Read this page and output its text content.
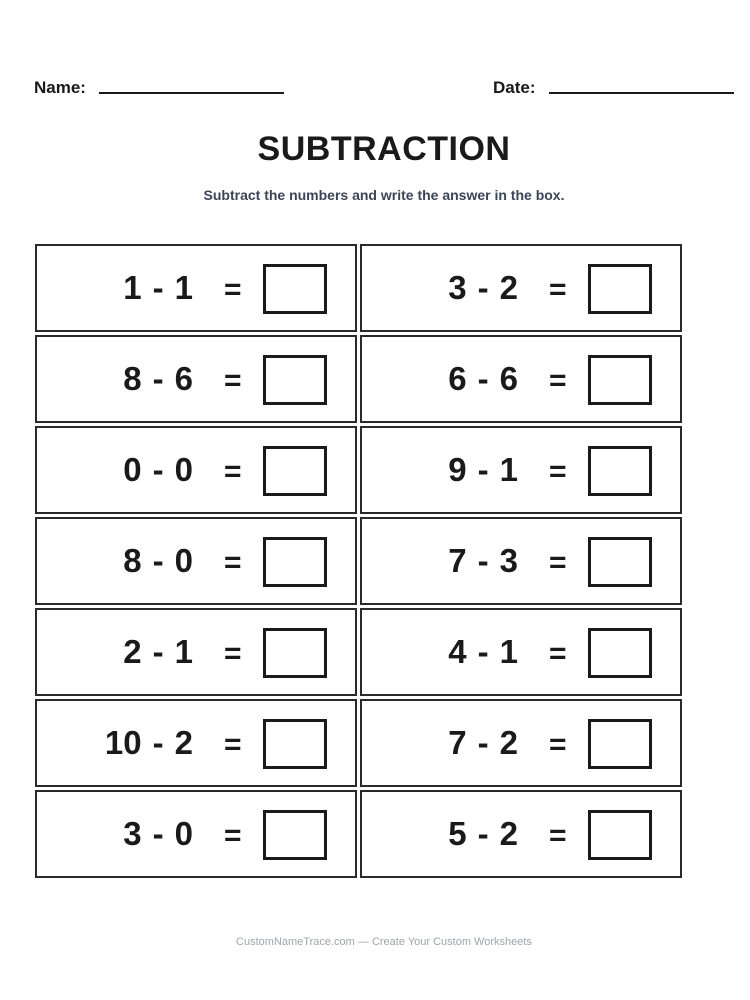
Name:	Date:
SUBTRACTION
Subtract the numbers and write the answer in the box.
1 - 1 =	3 - 2 =
8 - 6 =	6 - 6 =
0 - 0 =	9 - 1 =
8 - 0 =	7 - 3 =
2 - 1 =	4 - 1 =
10 - 2 =	7 - 2 =
3 - 0 =	5 - 2 =
CustomNameTrace.com — Create Your Custom Worksheets
